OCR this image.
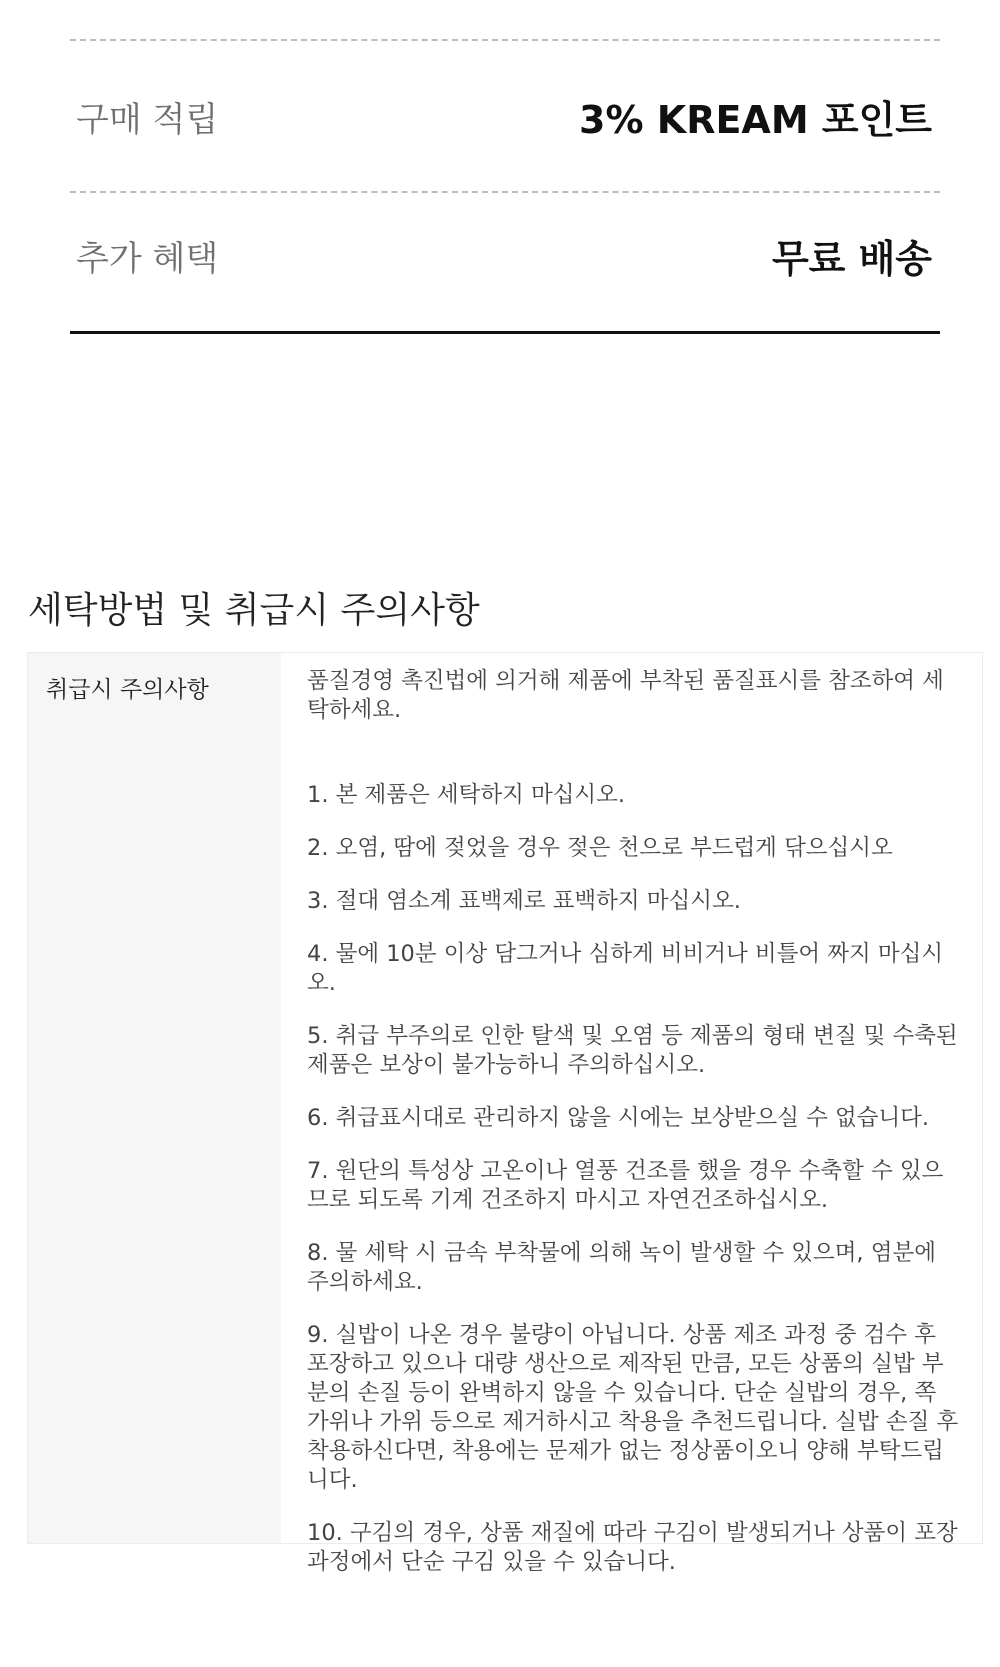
구매 적립	3% KREAM 포인트
추가 혜택	무료 배송
세탁방법 및 취급시 주의사항
취급시 주의사항	품질경영 촉진법에 의거해 제품에 부착된 품질표시를 참조하여 세탁하세요.

1. 본 제품은 세탁하지 마십시오.
2. 오염, 땀에 젖었을 경우 젖은 천으로 부드럽게 닦으십시오
3. 절대 염소계 표백제로 표백하지 마십시오.
4. 물에 10분 이상 담그거나 심하게 비비거나 비틀어 짜지 마십시오.
5. 취급 부주의로 인한 탈색 및 오염 등 제품의 형태 변질 및 수축된 제품은 보상이 불가능하니 주의하십시오.
6. 취급표시대로 관리하지 않을 시에는 보상받으실 수 없습니다.
7. 원단의 특성상 고온이나 열풍 건조를 했을 경우 수축할 수 있으므로 되도록 기계 건조하지 마시고 자연건조하십시오.
8. 물 세탁 시 금속 부착물에 의해 녹이 발생할 수 있으며, 염분에 주의하세요.
9. 실밥이 나온 경우 불량이 아닙니다. 상품 제조 과정 중 검수 후 포장하고 있으나 대량 생산으로 제작된 만큼, 모든 상품의 실밥 부분의 손질 등이 완벽하지 않을 수 있습니다. 단순 실밥의 경우, 쪽 가위나 가위 등으로 제거하시고 착용을 추천드립니다. 실밥 손질 후 착용하신다면, 착용에는 문제가 없는 정상품이오니 양해 부탁드립니다.
10. 구김의 경우, 상품 재질에 따라 구김이 발생되거나 상품이 포장 과정에서 단순 구김 있을 수 있습니다.
